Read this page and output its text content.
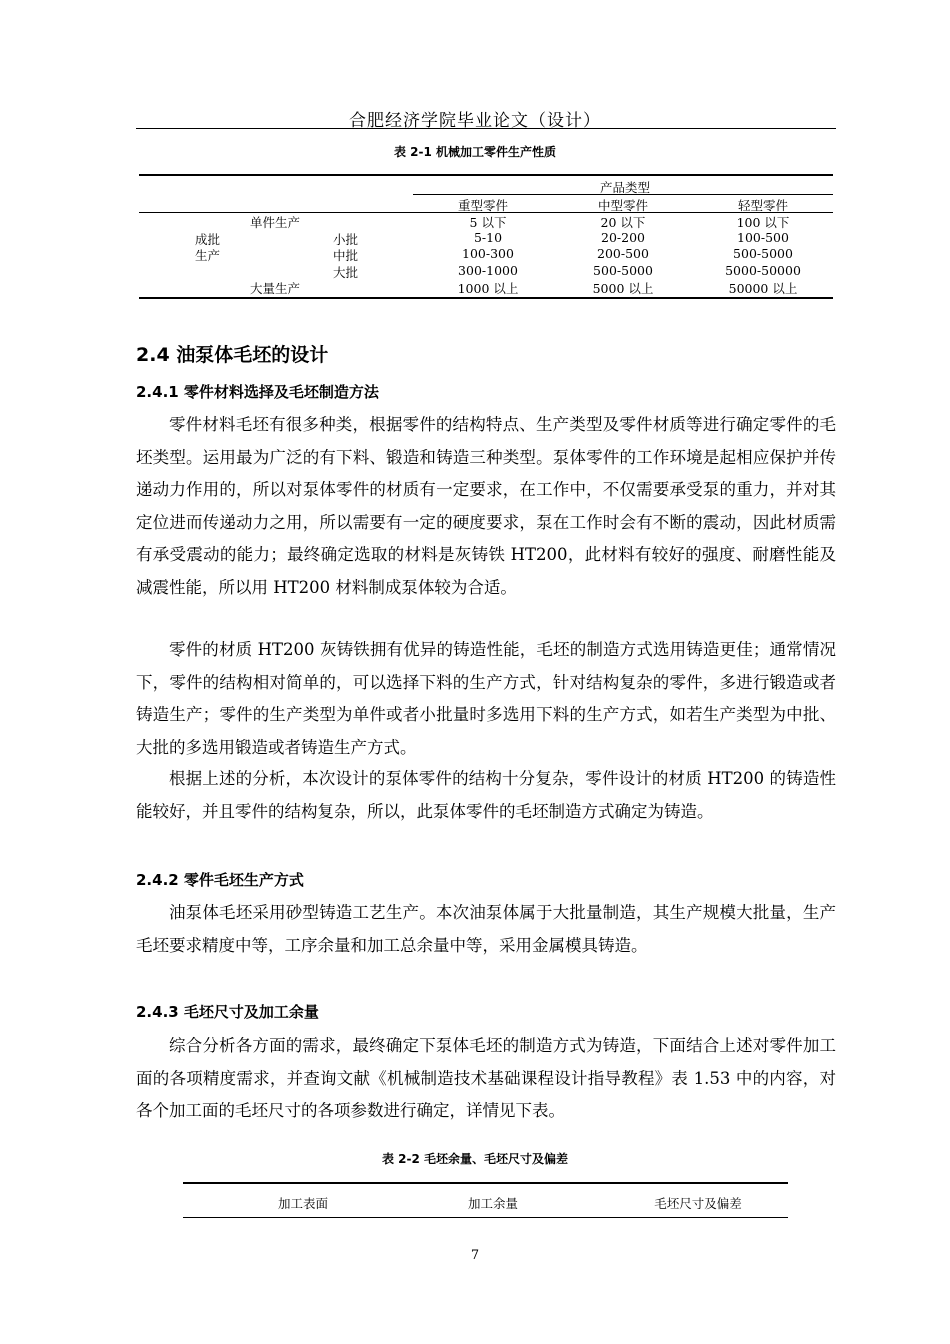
合肥经济学院毕业论文（设计）
表 2-1 机械加工零件生产性质
产品类型
重型零件	中型零件	轻型零件
单件生产	5 以下	20 以下	100 以下
成批
生产
小批	5-10	20-200	100-500
中批	100-300	200-500	500-5000
大批	300-1000	500-5000	5000-50000
大量生产	1000 以上	5000 以上	50000 以上
2.4 油泵体毛坯的设计
2.4.1 零件材料选择及毛坯制造方法

零件材料毛坯有很多种类，根据零件的结构特点、生产类型及零件材质等进行确定零件的毛坯类型。运用最为广泛的有下料、锻造和铸造三种类型。泵体零件的工作环境是起相应保护并传递动力作用的，所以对泵体零件的材质有一定要求，在工作中，不仅需要承受泵的重力，并对其定位进而传递动力之用，所以需要有一定的硬度要求，泵在工作时会有不断的震动，因此材质需有承受震动的能力；最终确定选取的材料是灰铸铁 HT200，此材料有较好的强度、耐磨性能及减震性能，所以用 HT200 材料制成泵体较为合适。

零件的材质 HT200 灰铸铁拥有优异的铸造性能，毛坯的制造方式选用铸造更佳；通常情况下，零件的结构相对简单的，可以选择下料的生产方式，针对结构复杂的零件，多进行锻造或者铸造生产；零件的生产类型为单件或者小批量时多选用下料的生产方式，如若生产类型为中批、大批的多选用锻造或者铸造生产方式。

根据上述的分析，本次设计的泵体零件的结构十分复杂，零件设计的材质 HT200 的铸造性能较好，并且零件的结构复杂，所以，此泵体零件的毛坯制造方式确定为铸造。

2.4.2 零件毛坯生产方式

油泵体毛坯采用砂型铸造工艺生产。本次油泵体属于大批量制造，其生产规模大批量，生产毛坯要求精度中等，工序余量和加工总余量中等，采用金属模具铸造。

2.4.3 毛坯尺寸及加工余量

综合分析各方面的需求，最终确定下泵体毛坯的制造方式为铸造，下面结合上述对零件加工面的各项精度需求，并查询文献《机械制造技术基础课程设计指导教程》表 1.53 中的内容，对各个加工面的毛坯尺寸的各项参数进行确定，详情见下表。

表 2-2 毛坯余量、毛坯尺寸及偏差
加工表面	加工余量	毛坯尺寸及偏差
7
